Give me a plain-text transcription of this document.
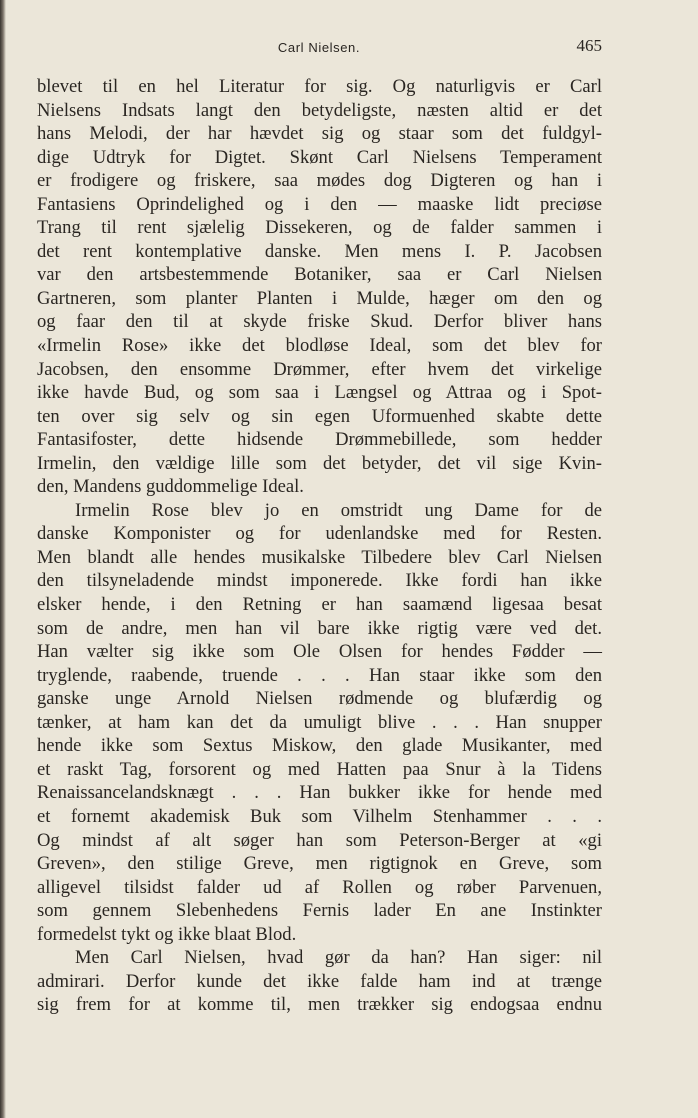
Carl Nielsen.	465
blevet til en hel Literatur for sig. Og naturligvis er Carl
Nielsens Indsats langt den betydeligste, næsten altid er det
hans Melodi, der har hævdet sig og staar som det fuldgyl-
dige Udtryk for Digtet. Skønt Carl Nielsens Temperament
er frodigere og friskere, saa mødes dog Digteren og han i
Fantasiens Oprindelighed og i den — maaske lidt preciøse
Trang til rent sjælelig Dissekeren, og de falder sammen i
det rent kontemplative danske. Men mens I. P. Jacobsen
var den artsbestemmende Botaniker, saa er Carl Nielsen
Gartneren, som planter Planten i Mulde, hæger om den og
og faar den til at skyde friske Skud. Derfor bliver hans
«Irmelin Rose» ikke det blodløse Ideal, som det blev for
Jacobsen, den ensomme Drømmer, efter hvem det virkelige
ikke havde Bud, og som saa i Længsel og Attraa og i Spot-
ten over sig selv og sin egen Uformuenhed skabte dette
Fantasifoster, dette hidsende Drømmebillede, som hedder
Irmelin, den vældige lille som det betyder, det vil sige Kvin-
den, Mandens guddommelige Ideal.
Irmelin Rose blev jo en omstridt ung Dame for de
danske Komponister og for udenlandske med for Resten.
Men blandt alle hendes musikalske Tilbedere blev Carl Nielsen
den tilsyneladende mindst imponerede. Ikke fordi han ikke
elsker hende, i den Retning er han saamænd ligesaa besat
som de andre, men han vil bare ikke rigtig være ved det.
Han vælter sig ikke som Ole Olsen for hendes Fødder —
tryglende, raabende, truende . . . Han staar ikke som den
ganske unge Arnold Nielsen rødmende og blufærdig og
tænker, at ham kan det da umuligt blive . . . Han snupper
hende ikke som Sextus Miskow, den glade Musikanter, med
et raskt Tag, forsorent og med Hatten paa Snur à la Tidens
Renaissancelandsknægt . . . Han bukker ikke for hende med
et fornemt akademisk Buk som Vilhelm Stenhammer . . .
Og mindst af alt søger han som Peterson-Berger at «gi
Greven», den stilige Greve, men rigtignok en Greve, som
alligevel tilsidst falder ud af Rollen og røber Parvenuen,
som gennem Slebenhedens Fernis lader En ane Instinkter
formedelst tykt og ikke blaat Blod.
Men Carl Nielsen, hvad gør da han? Han siger: nil
admirari. Derfor kunde det ikke falde ham ind at trænge
sig frem for at komme til, men trækker sig endogsaa endnu
